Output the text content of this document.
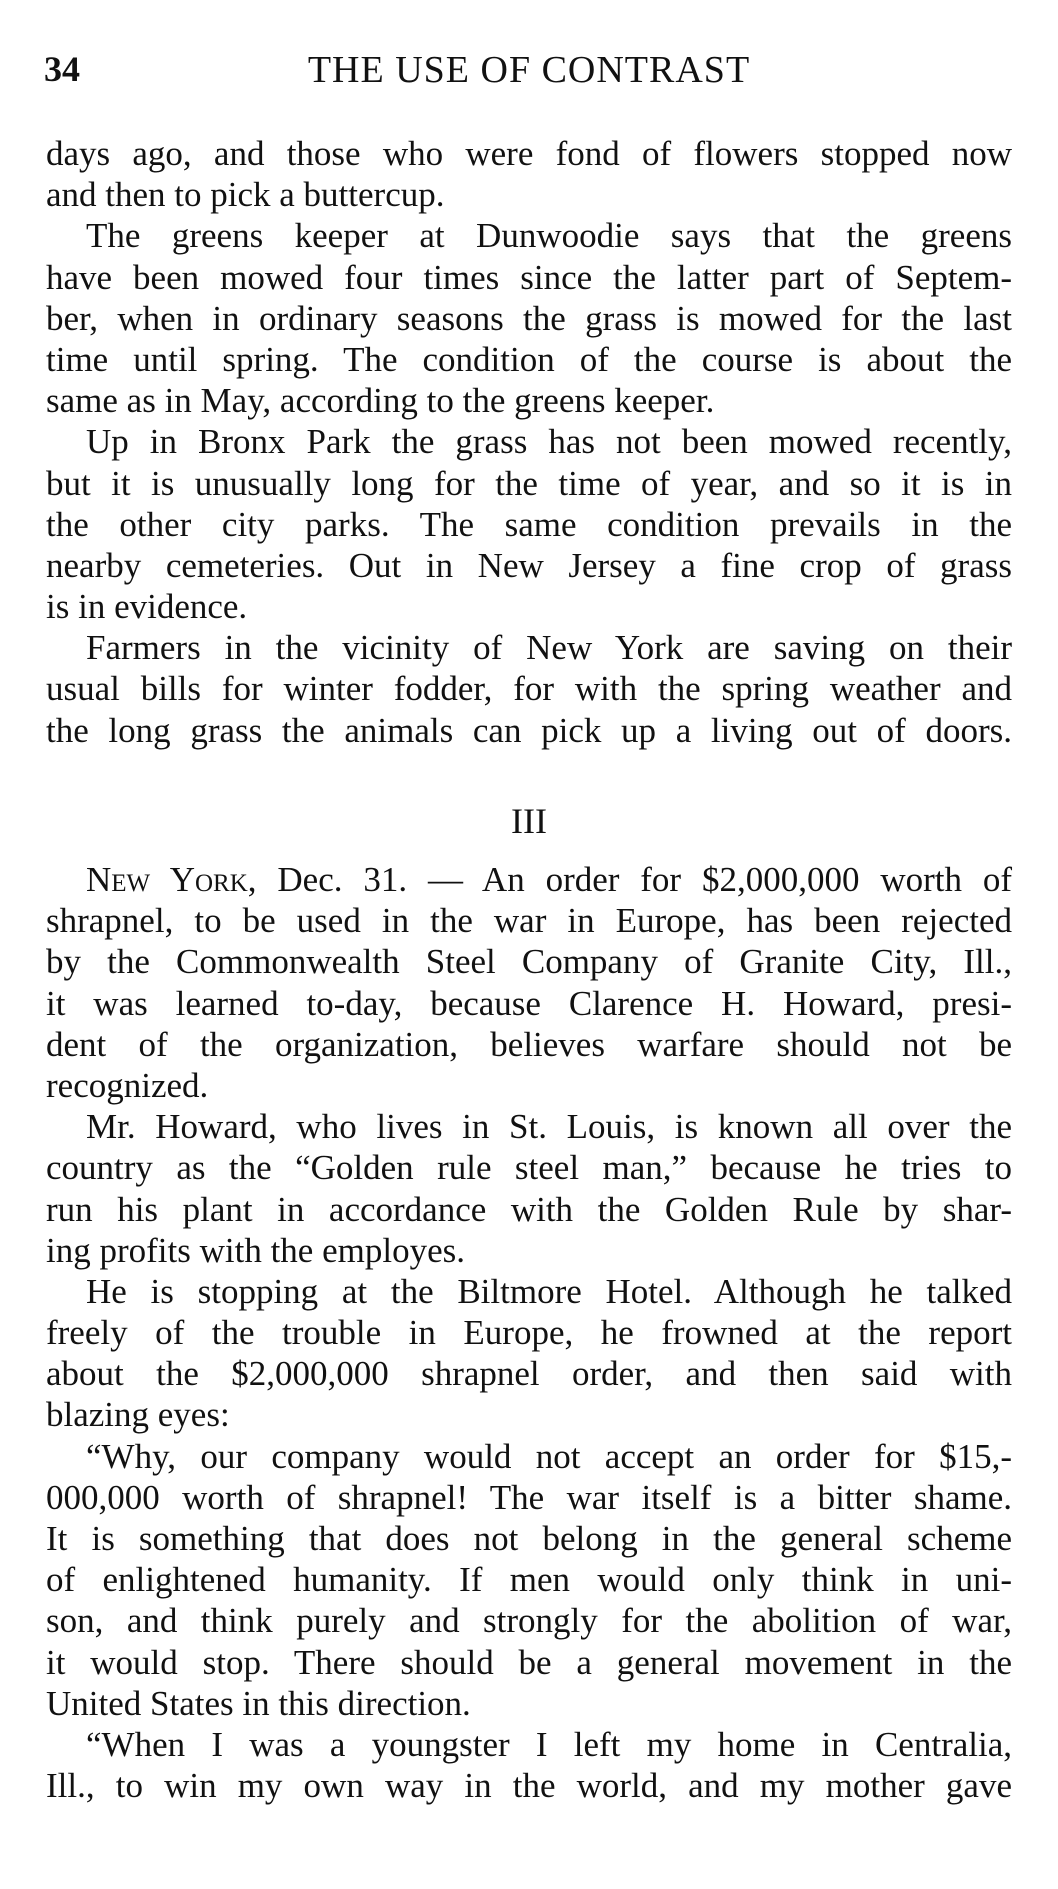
34	THE USE OF CONTRAST
days ago, and those who were fond of flowers stopped now
and then to pick a buttercup.
The greens keeper at Dunwoodie says that the greens
have been mowed four times since the latter part of Septem-
ber, when in ordinary seasons the grass is mowed for the last
time until spring. The condition of the course is about the
same as in May, according to the greens keeper.
Up in Bronx Park the grass has not been mowed recently,
but it is unusually long for the time of year, and so it is in
the other city parks. The same condition prevails in the
nearby cemeteries. Out in New Jersey a fine crop of grass
is in evidence.
Farmers in the vicinity of New York are saving on their
usual bills for winter fodder, for with the spring weather and
the long grass the animals can pick up a living out of doors.
III
New York, Dec. 31. — An order for $2,000,000 worth of
shrapnel, to be used in the war in Europe, has been rejected
by the Commonwealth Steel Company of Granite City, Ill.,
it was learned to-day, because Clarence H. Howard, presi-
dent of the organization, believes warfare should not be
recognized.
Mr. Howard, who lives in St. Louis, is known all over the
country as the “Golden rule steel man,” because he tries to
run his plant in accordance with the Golden Rule by shar-
ing profits with the employes.
He is stopping at the Biltmore Hotel. Although he talked
freely of the trouble in Europe, he frowned at the report
about the $2,000,000 shrapnel order, and then said with
blazing eyes:
“Why, our company would not accept an order for $15,-
000,000 worth of shrapnel! The war itself is a bitter shame.
It is something that does not belong in the general scheme
of enlightened humanity. If men would only think in uni-
son, and think purely and strongly for the abolition of war,
it would stop. There should be a general movement in the
United States in this direction.
“When I was a youngster I left my home in Centralia,
Ill., to win my own way in the world, and my mother gave
